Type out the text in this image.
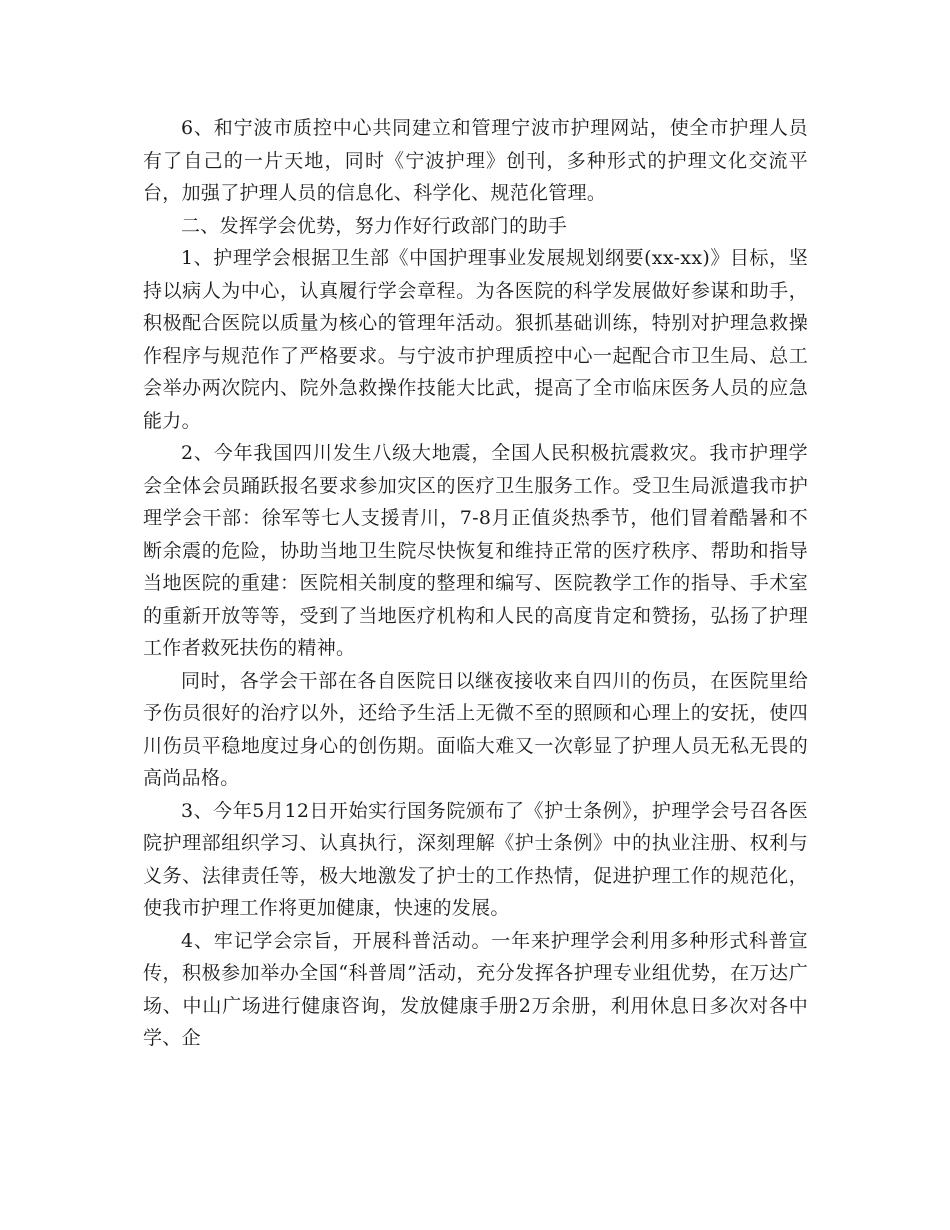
6、和宁波市质控中心共同建立和管理宁波市护理网站，使全市护理人员有了自己的一片天地，同时《宁波护理》创刊，多种形式的护理文化交流平台，加强了护理人员的信息化、科学化、规范化管理。

二、发挥学会优势，努力作好行政部门的助手

1、护理学会根据卫生部《中国护理事业发展规划纲要(xx-xx)》目标，坚持以病人为中心，认真履行学会章程。为各医院的科学发展做好参谋和助手，积极配合医院以质量为核心的管理年活动。狠抓基础训练，特别对护理急救操作程序与规范作了严格要求。与宁波市护理质控中心一起配合市卫生局、总工会举办两次院内、院外急救操作技能大比武，提高了全市临床医务人员的应急能力。

2、今年我国四川发生八级大地震，全国人民积极抗震救灾。我市护理学会全体会员踊跃报名要求参加灾区的医疗卫生服务工作。受卫生局派遣我市护理学会干部：徐军等七人支援青川，7-8月正值炎热季节，他们冒着酷暑和不断余震的危险，协助当地卫生院尽快恢复和维持正常的医疗秩序、帮助和指导当地医院的重建：医院相关制度的整理和编写、医院教学工作的指导、手术室的重新开放等等，受到了当地医疗机构和人民的高度肯定和赞扬，弘扬了护理工作者救死扶伤的精神。

同时，各学会干部在各自医院日以继夜接收来自四川的伤员，在医院里给予伤员很好的治疗以外，还给予生活上无微不至的照顾和心理上的安抚，使四川伤员平稳地度过身心的创伤期。面临大难又一次彰显了护理人员无私无畏的高尚品格。

3、今年5月12日开始实行国务院颁布了《护士条例》，护理学会号召各医院护理部组织学习、认真执行，深刻理解《护士条例》中的执业注册、权利与义务、法律责任等，极大地激发了护士的工作热情，促进护理工作的规范化，使我市护理工作将更加健康，快速的发展。

4、牢记学会宗旨，开展科普活动。一年来护理学会利用多种形式科普宣传，积极参加举办全国“科普周”活动，充分发挥各护理专业组优势，在万达广场、中山广场进行健康咨询，发放健康手册2万余册，利用休息日多次对各中学、企
